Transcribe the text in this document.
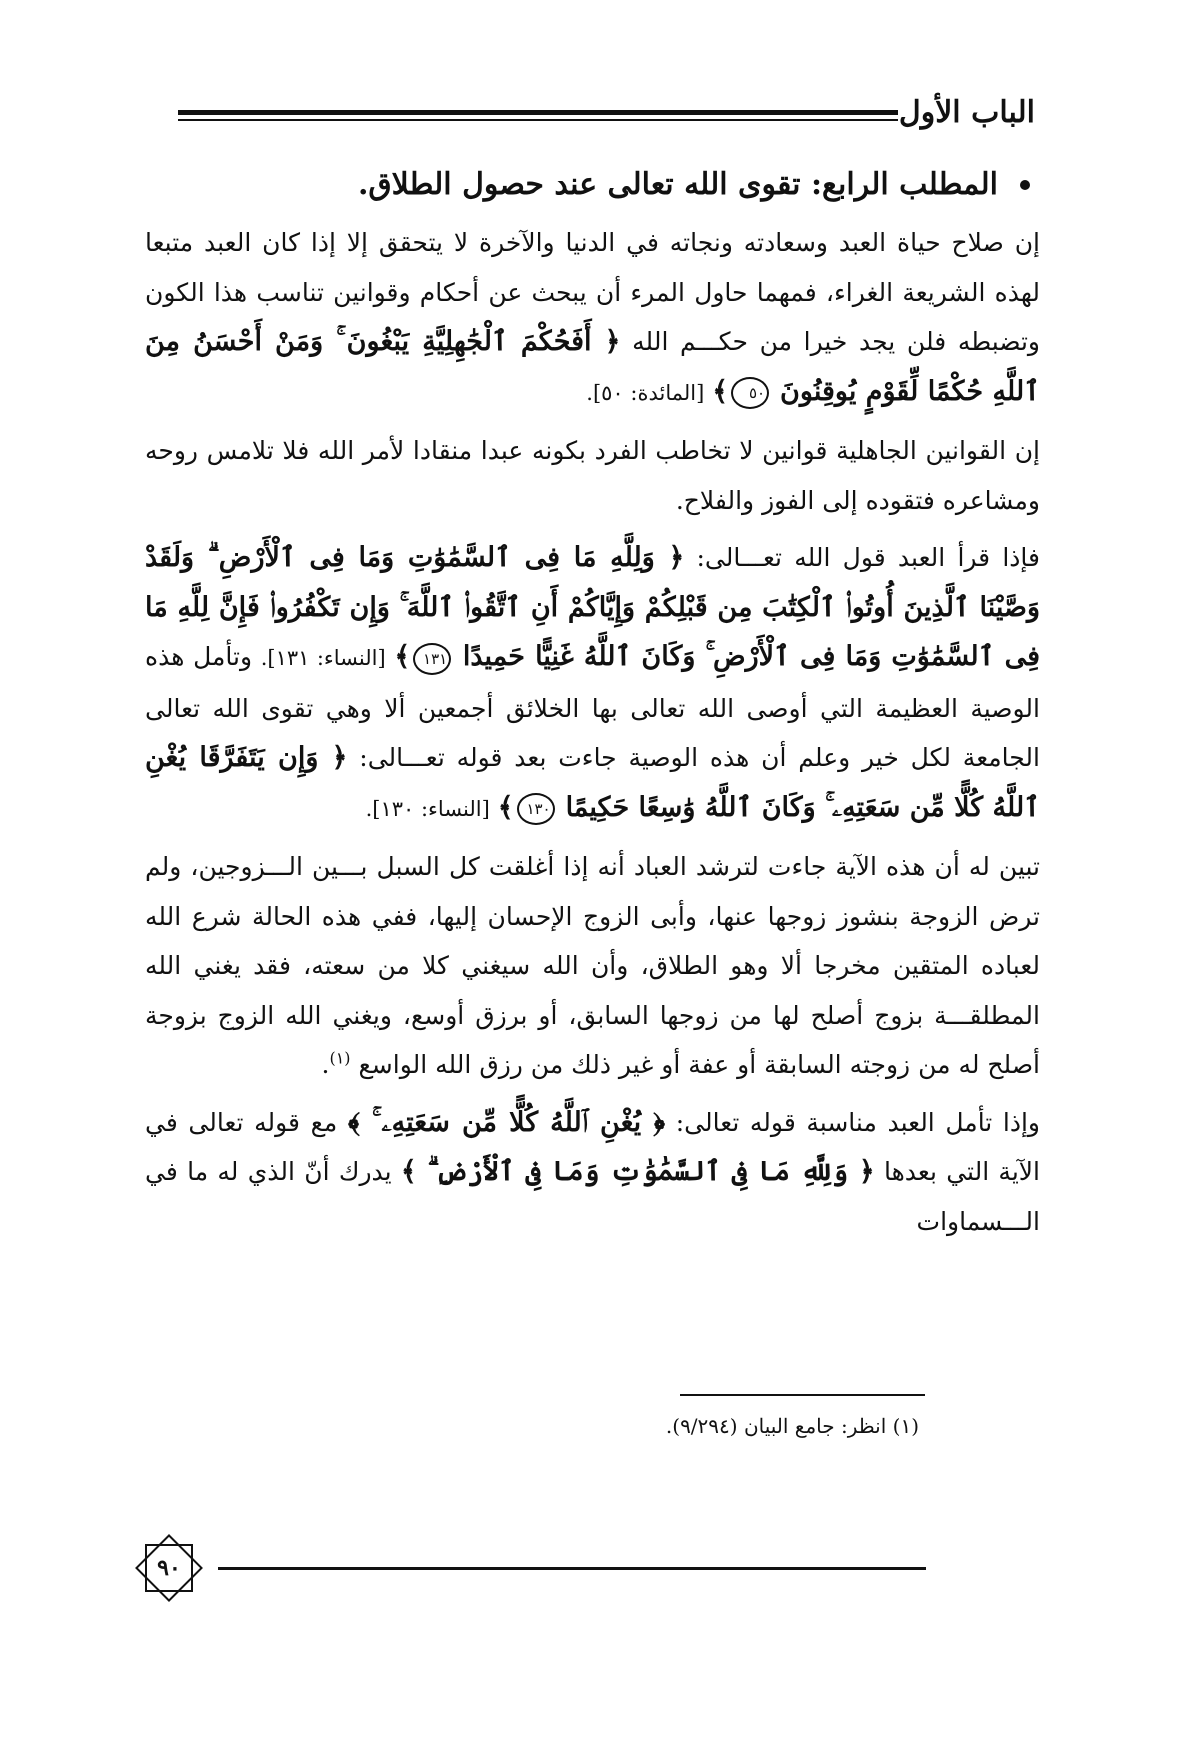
الباب الأول
المطلب الرابع: تقوى الله تعالى عند حصول الطلاق.

إن صلاح حياة العبد وسعادته ونجاته في الدنيا والآخرة لا يتحقق إلا إذا كان العبد متبعا لهذه الشريعة الغراء، فمهما حاول المرء أن يبحث عن أحكام وقوانين تناسب هذا الكون وتضبطه فلن يجد خيرا من حكـــم الله ﴿ أَفَحُكْمَ ٱلْجَٰهِلِيَّةِ يَبْغُونَ ۚ وَمَنْ أَحْسَنُ مِنَ ٱللَّهِ حُكْمًا لِّقَوْمٍ يُوقِنُونَ ٥٠﴾ [المائدة: ٥٠].

إن القوانين الجاهلية قوانين لا تخاطب الفرد بكونه عبدا منقادا لأمر الله فلا تلامس روحه ومشاعره فتقوده إلى الفوز والفلاح.

فإذا قرأ العبد قول الله تعـــالى: ﴿ وَلِلَّهِ مَا فِى ٱلسَّمَٰوَٰتِ وَمَا فِى ٱلْأَرْضِ ۗ وَلَقَدْ وَصَّيْنَا ٱلَّذِينَ أُوتُوا۟ ٱلْكِتَٰبَ مِن قَبْلِكُمْ وَإِيَّاكُمْ أَنِ ٱتَّقُوا۟ ٱللَّهَ ۚ وَإِن تَكْفُرُوا۟ فَإِنَّ لِلَّهِ مَا فِى ٱلسَّمَٰوَٰتِ وَمَا فِى ٱلْأَرْضِ ۚ وَكَانَ ٱللَّهُ غَنِيًّا حَمِيدًا ١٣١﴾ [النساء: ١٣١]. وتأمل هذه الوصية العظيمة التي أوصى الله تعالى بها الخلائق أجمعين ألا وهي تقوى الله تعالى الجامعة لكل خير وعلم أن هذه الوصية جاءت بعد قوله تعـــالى: ﴿ وَإِن يَتَفَرَّقَا يُغْنِ ٱللَّهُ كُلًّا مِّن سَعَتِهِۦ ۚ وَكَانَ ٱللَّهُ وَٰسِعًا حَكِيمًا ١٣٠﴾ [النساء: ١٣٠].

تبين له أن هذه الآية جاءت لترشد العباد أنه إذا أغلقت كل السبل بـــين الـــزوجين، ولم ترض الزوجة بنشوز زوجها عنها، وأبى الزوج الإحسان إليها، ففي هذه الحالة شرع الله لعباده المتقين مخرجا ألا وهو الطلاق، وأن الله سيغني كلا من سعته، فقد يغني الله المطلقـــة بزوج أصلح لها من زوجها السابق، أو برزق أوسع، ويغني الله الزوج بزوجة أصلح له من زوجته السابقة أو عفة أو غير ذلك من رزق الله الواسع $^{(١)}$.

وإذا تأمل العبد مناسبة قوله تعالى: ﴿ يُغْنِ ٱللَّهُ كُلًّا مِّن سَعَتِهِۦ ۚ ﴾ مع قوله تعالى في الآية التي بعدها ﴿ وَلِلَّهِ مَا فِى ٱلسَّمَٰوَٰتِ وَمَا فِى ٱلْأَرْضِ ۗ ﴾ يدرك أنّ الذي له ما في الـــسماوات

(١) انظر: جامع البيان (٩/٢٩٤).
٩٠
